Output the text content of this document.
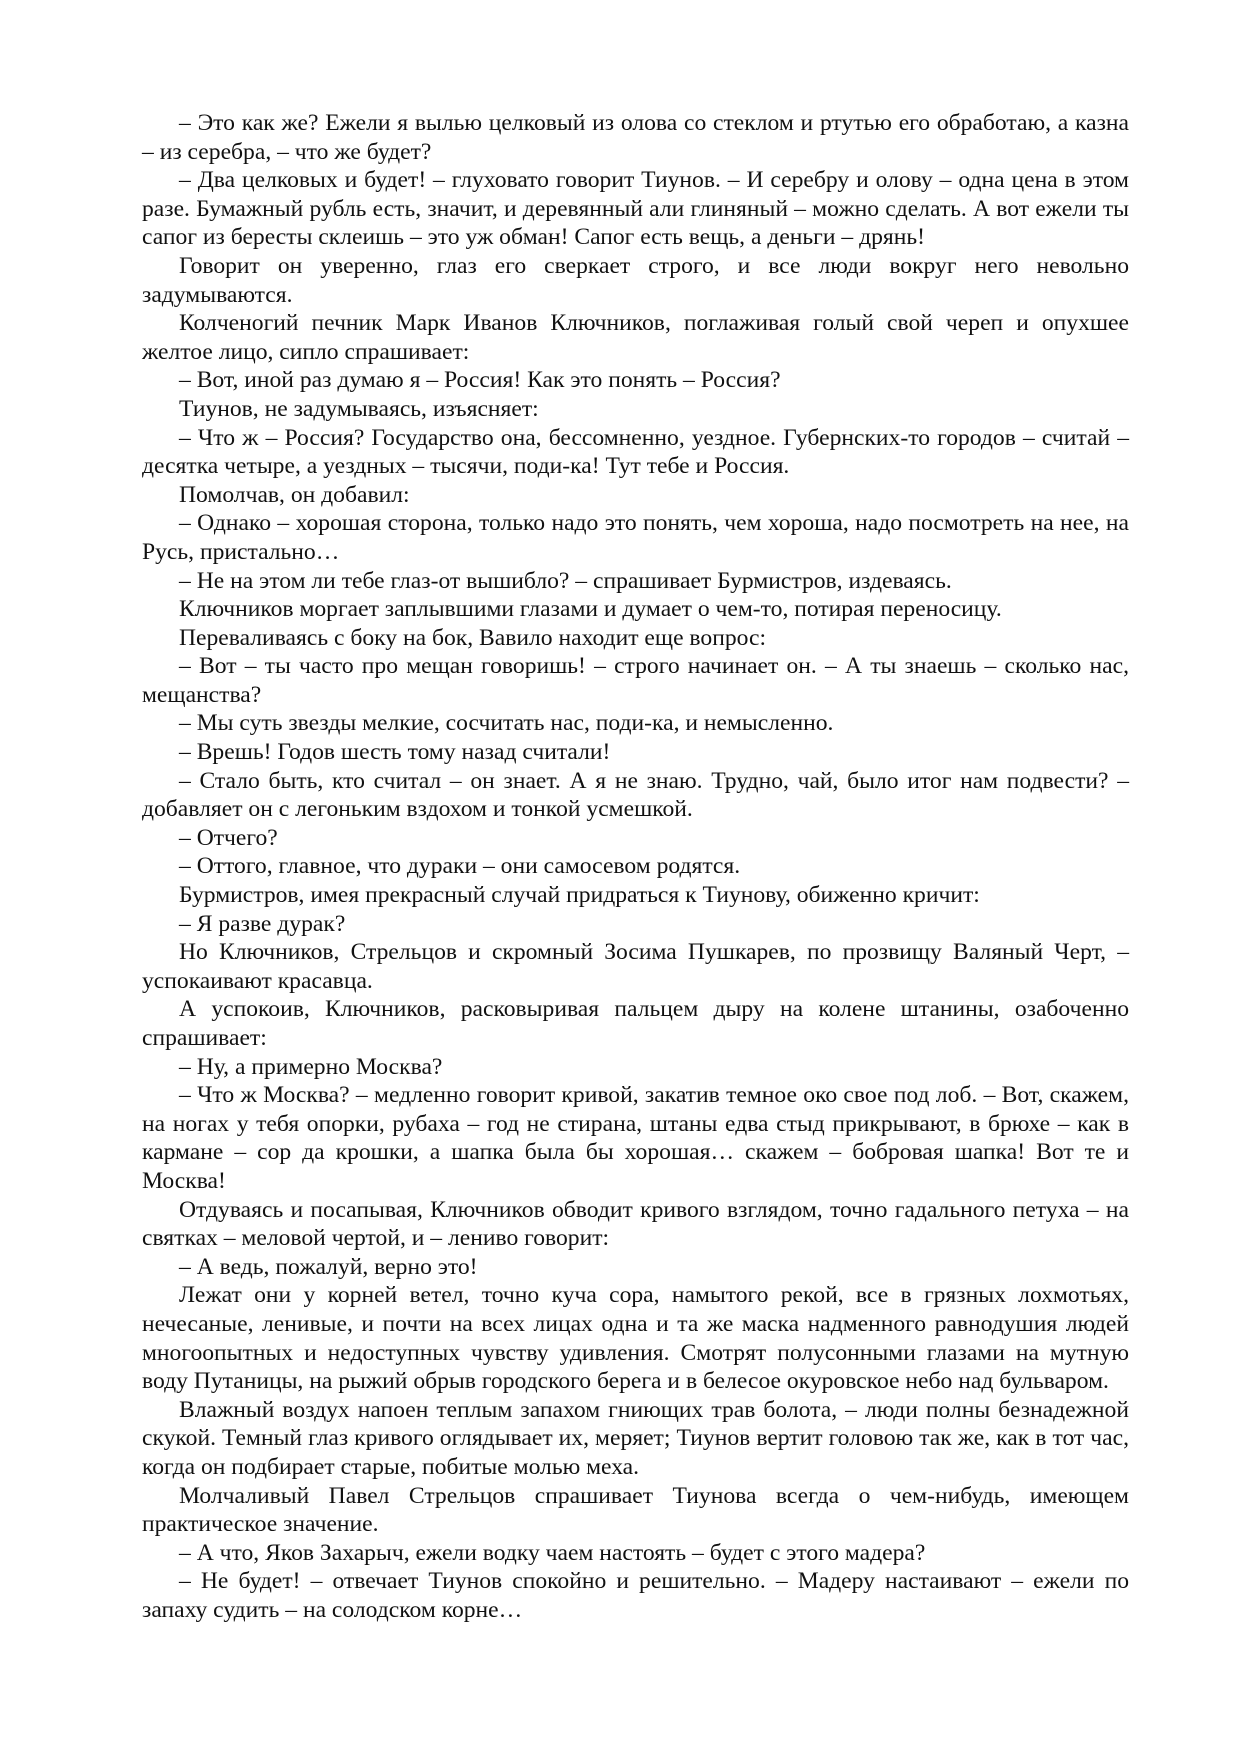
– Это как же? Ежели я вылью целковый из олова со стеклом и ртутью его обработаю, а казна – из серебра, – что же будет?

– Два целковых и будет! – глуховато говорит Тиунов. – И серебру и олову – одна цена в этом разе. Бумажный рубль есть, значит, и деревянный али глиняный – можно сделать. А вот ежели ты сапог из бересты склеишь – это уж обман! Сапог есть вещь, а деньги – дрянь!

Говорит он уверенно, глаз его сверкает строго, и все люди вокруг него невольно задумываются.

Колченогий печник Марк Иванов Ключников, поглаживая голый свой череп и опухшее желтое лицо, сипло спрашивает:

– Вот, иной раз думаю я – Россия! Как это понять – Россия?

Тиунов, не задумываясь, изъясняет:

– Что ж – Россия? Государство она, бессомненно, уездное. Губернских-то городов – считай – десятка четыре, а уездных – тысячи, поди-ка! Тут тебе и Россия.

Помолчав, он добавил:

– Однако – хорошая сторона, только надо это понять, чем хороша, надо посмотреть на нее, на Русь, пристально…

– Не на этом ли тебе глаз-от вышибло? – спрашивает Бурмистров, издеваясь.

Ключников моргает заплывшими глазами и думает о чем-то, потирая переносицу.

Переваливаясь с боку на бок, Вавило находит еще вопрос:

– Вот – ты часто про мещан говоришь! – строго начинает он. – А ты знаешь – сколько нас, мещанства?

– Мы суть звезды мелкие, сосчитать нас, поди-ка, и немысленно.

– Врешь! Годов шесть тому назад считали!

– Стало быть, кто считал – он знает. А я не знаю. Трудно, чай, было итог нам подвести? – добавляет он с легоньким вздохом и тонкой усмешкой.

– Отчего?

– Оттого, главное, что дураки – они самосевом родятся.

Бурмистров, имея прекрасный случай придраться к Тиунову, обиженно кричит:

– Я разве дурак?

Но Ключников, Стрельцов и скромный Зосима Пушкарев, по прозвищу Валяный Черт, – успокаивают красавца.

А успокоив, Ключников, расковыривая пальцем дыру на колене штанины, озабоченно спрашивает:

– Ну, а примерно Москва?

– Что ж Москва? – медленно говорит кривой, закатив темное око свое под лоб. – Вот, скажем, на ногах у тебя опорки, рубаха – год не стирана, штаны едва стыд прикрывают, в брюхе – как в кармане – сор да крошки, а шапка была бы хорошая… скажем – бобровая шапка! Вот те и Москва!

Отдуваясь и посапывая, Ключников обводит кривого взглядом, точно гадального петуха – на святках – меловой чертой, и – лениво говорит:

– А ведь, пожалуй, верно это!

Лежат они у корней ветел, точно куча сора, намытого рекой, все в грязных лохмотьях, нечесаные, ленивые, и почти на всех лицах одна и та же маска надменного равнодушия людей многоопытных и недоступных чувству удивления. Смотрят полусонными глазами на мутную воду Путаницы, на рыжий обрыв городского берега и в белесое окуровское небо над бульваром.

Влажный воздух напоен теплым запахом гниющих трав болота, – люди полны безнадежной скукой. Темный глаз кривого оглядывает их, меряет; Тиунов вертит головою так же, как в тот час, когда он подбирает старые, побитые молью меха.

Молчаливый Павел Стрельцов спрашивает Тиунова всегда о чем-нибудь, имеющем практическое значение.

– А что, Яков Захарыч, ежели водку чаем настоять – будет с этого мадера?

– Не будет! – отвечает Тиунов спокойно и решительно. – Мадеру настаивают – ежели по запаху судить – на солодском корне…
